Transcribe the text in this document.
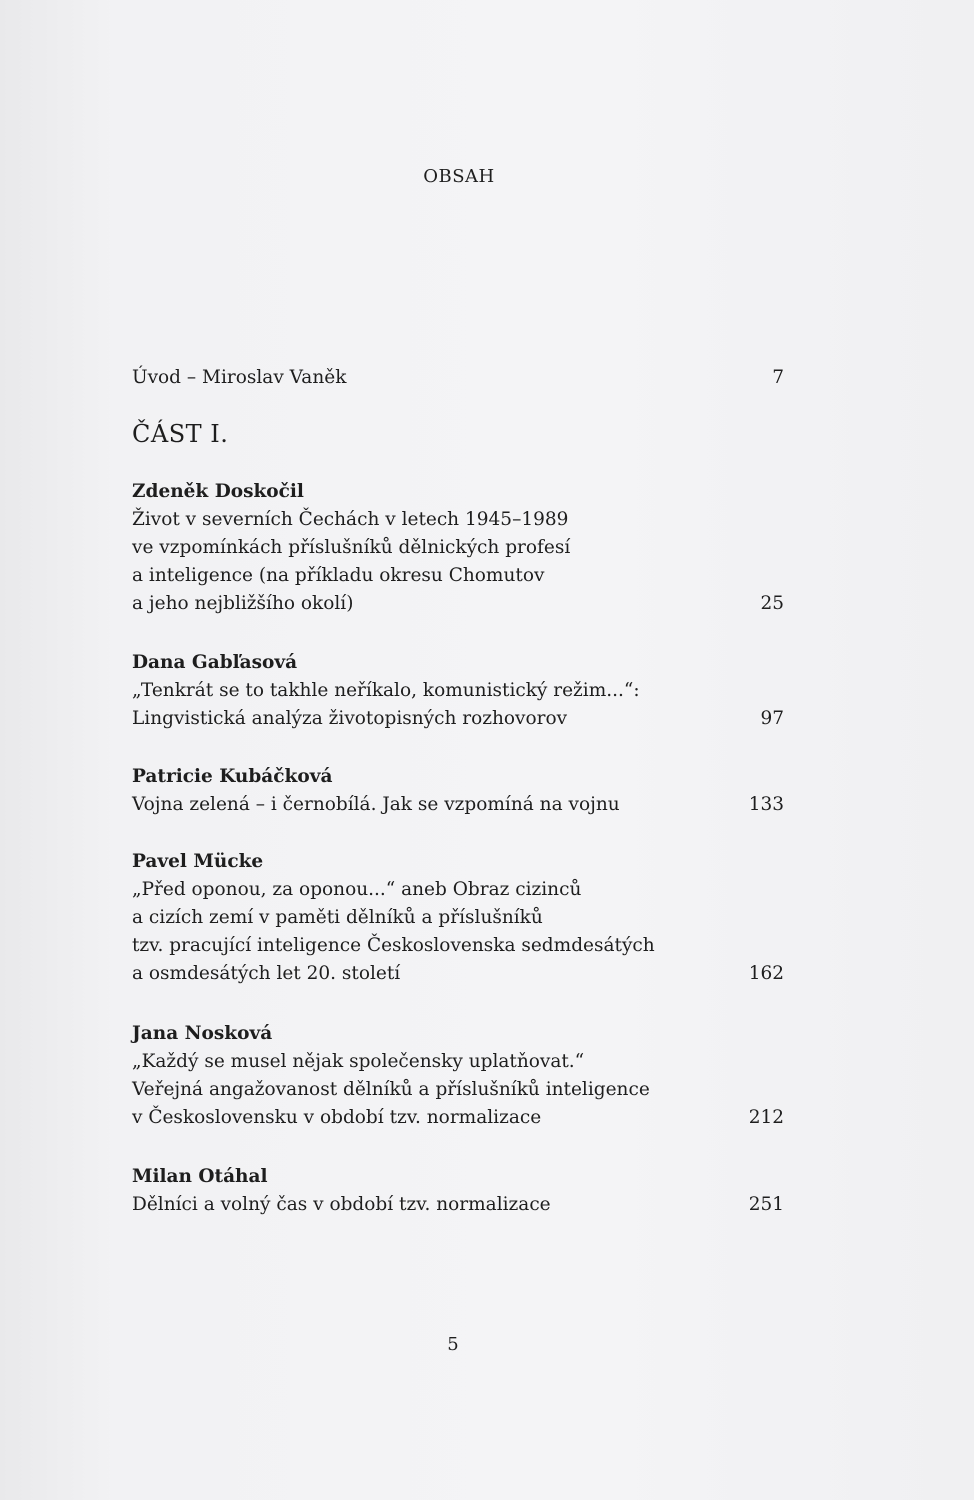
OBSAH
Úvod – Miroslav Vaněk	7
ČÁST I.
Zdeněk Doskočil
Život v severních Čechách v letech 1945–1989
ve vzpomínkách příslušníků dělnických profesí
a inteligence (na příkladu okresu Chomutov
a jeho nejbližšího okolí)	25
Dana Gabľasová
„Tenkrát se to takhle neříkalo, komunistický režim...“:
Lingvistická analýza životopisných rozhovorov	97
Patricie Kubáčková
Vojna zelená – i černobílá. Jak se vzpomíná na vojnu	133
Pavel Mücke
„Před oponou, za oponou...“ aneb Obraz cizinců
a cizích zemí v paměti dělníků a příslušníků
tzv. pracující inteligence Československa sedmdesátých
a osmdesátých let 20. století	162
Jana Nosková
„Každý se musel nějak společensky uplatňovat.“
Veřejná angažovanost dělníků a příslušníků inteligence
v Československu v období tzv. normalizace	212
Milan Otáhal
Dělníci a volný čas v období tzv. normalizace	251
5
